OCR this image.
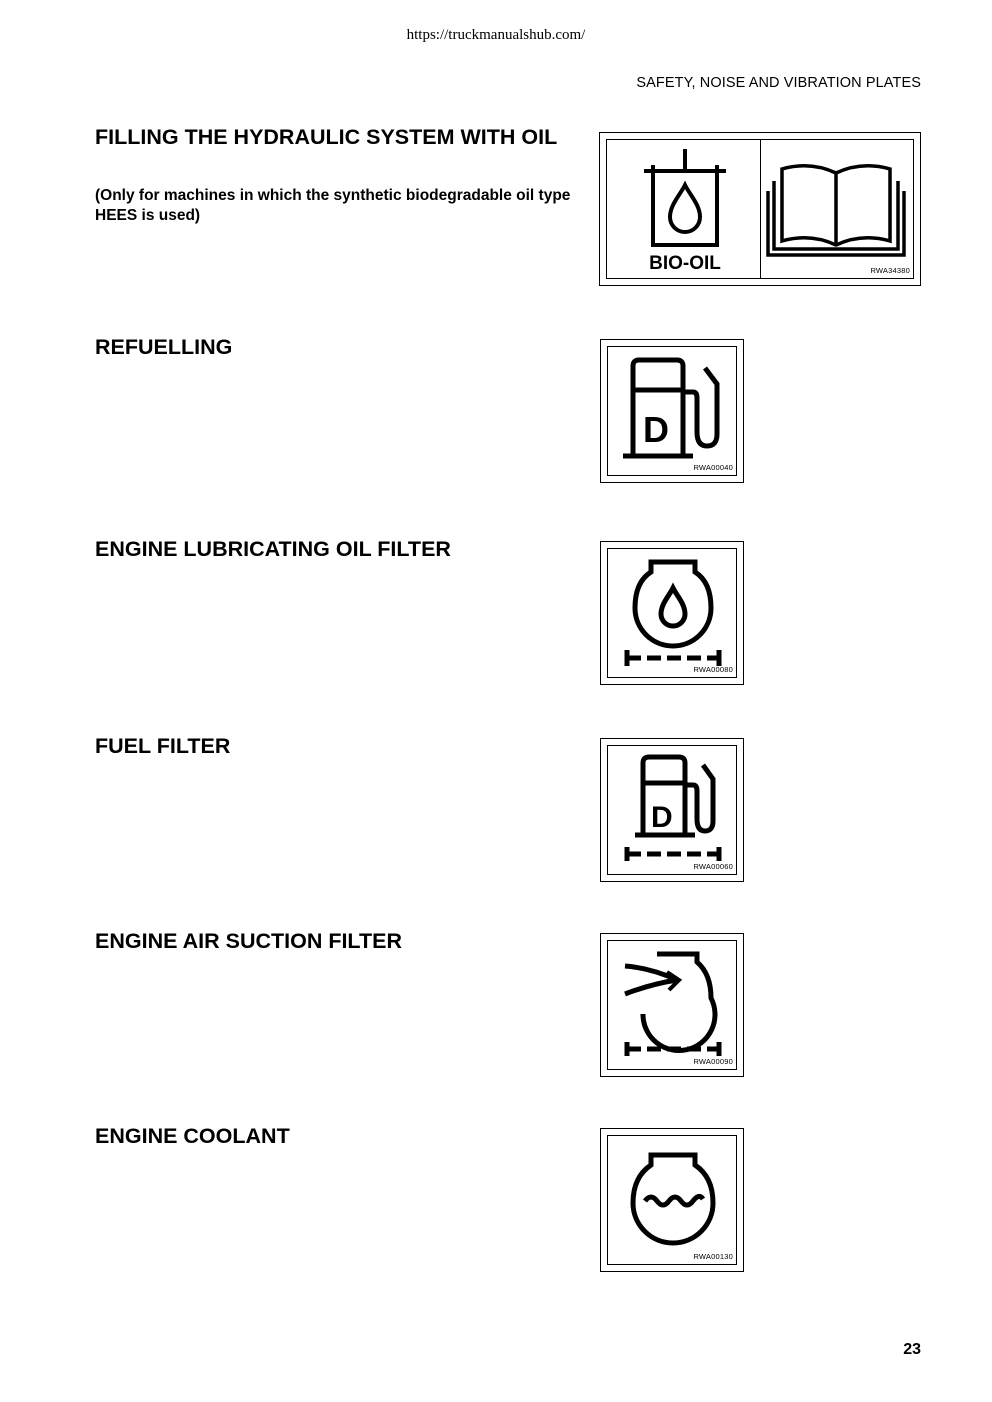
https://truckmanualshub.com/
SAFETY, NOISE AND VIBRATION PLATES
FILLING THE HYDRAULIC SYSTEM WITH OIL
(Only for machines in which the synthetic biodegradable oil type HEES is used)
BIO-OIL	RWA34380
REFUELLING
D
RWA00040
ENGINE LUBRICATING OIL FILTER
RWA00080
FUEL FILTER
D
RWA00060
ENGINE AIR SUCTION FILTER
RWA00090
ENGINE COOLANT
RWA00130
23
